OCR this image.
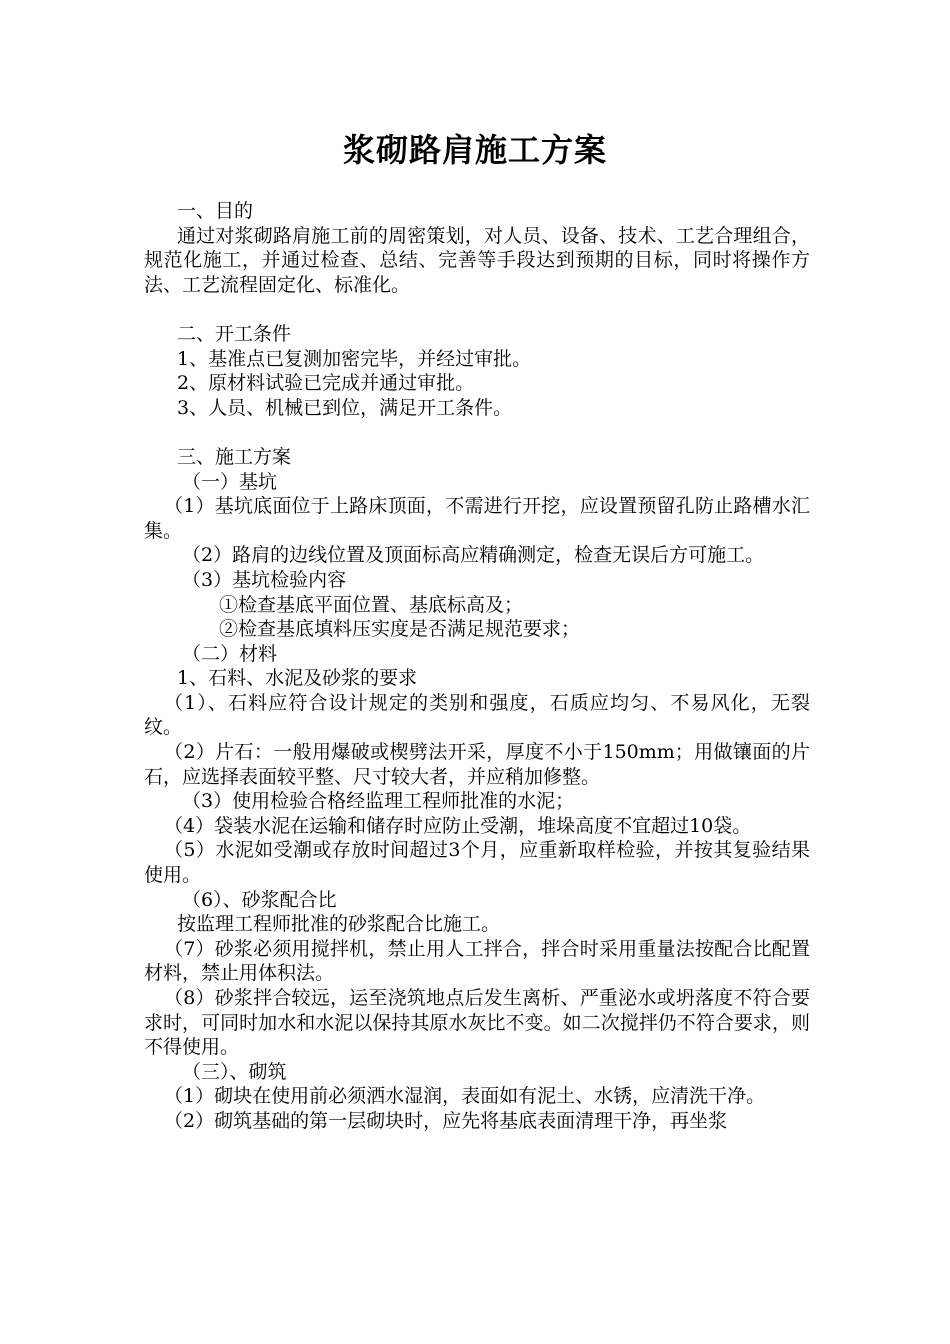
浆砌路肩施工方案

一、目的

通过对浆砌路肩施工前的周密策划，对人员、设备、技术、工艺合理组合，规范化施工，并通过检查、总结、完善等手段达到预期的目标，同时将操作方法、工艺流程固定化、标准化。

二、开工条件

1、基准点已复测加密完毕，并经过审批。

2、原材料试验已完成并通过审批。

3、人员、机械已到位，满足开工条件。

三、施工方案

（一）基坑

（1）基坑底面位于上路床顶面，不需进行开挖，应设置预留孔防止路槽水汇集。

（2）路肩的边线位置及顶面标高应精确测定，检查无误后方可施工。

（3）基坑检验内容

①检查基底平面位置、基底标高及；

②检查基底填料压实度是否满足规范要求；

（二）材料

1、石料、水泥及砂浆的要求

（1）、石料应符合设计规定的类别和强度，石质应均匀、不易风化，无裂纹。

（2）片石：一般用爆破或楔劈法开采，厚度不小于150mm；用做镶面的片石，应选择表面较平整、尺寸较大者，并应稍加修整。

（3）使用检验合格经监理工程师批准的水泥；

（4）袋装水泥在运输和储存时应防止受潮，堆垛高度不宜超过10袋。

（5）水泥如受潮或存放时间超过3个月，应重新取样检验，并按其复验结果使用。

（6）、砂浆配合比

按监理工程师批准的砂浆配合比施工。

（7）砂浆必须用搅拌机，禁止用人工拌合，拌合时采用重量法按配合比配置材料，禁止用体积法。

（8）砂浆拌合较远，运至浇筑地点后发生离析、严重泌水或坍落度不符合要求时，可同时加水和水泥以保持其原水灰比不变。如二次搅拌仍不符合要求，则不得使用。

（三）、砌筑

（1）砌块在使用前必须洒水湿润，表面如有泥土、水锈，应清洗干净。

（2）砌筑基础的第一层砌块时，应先将基底表面清理干净，再坐浆
